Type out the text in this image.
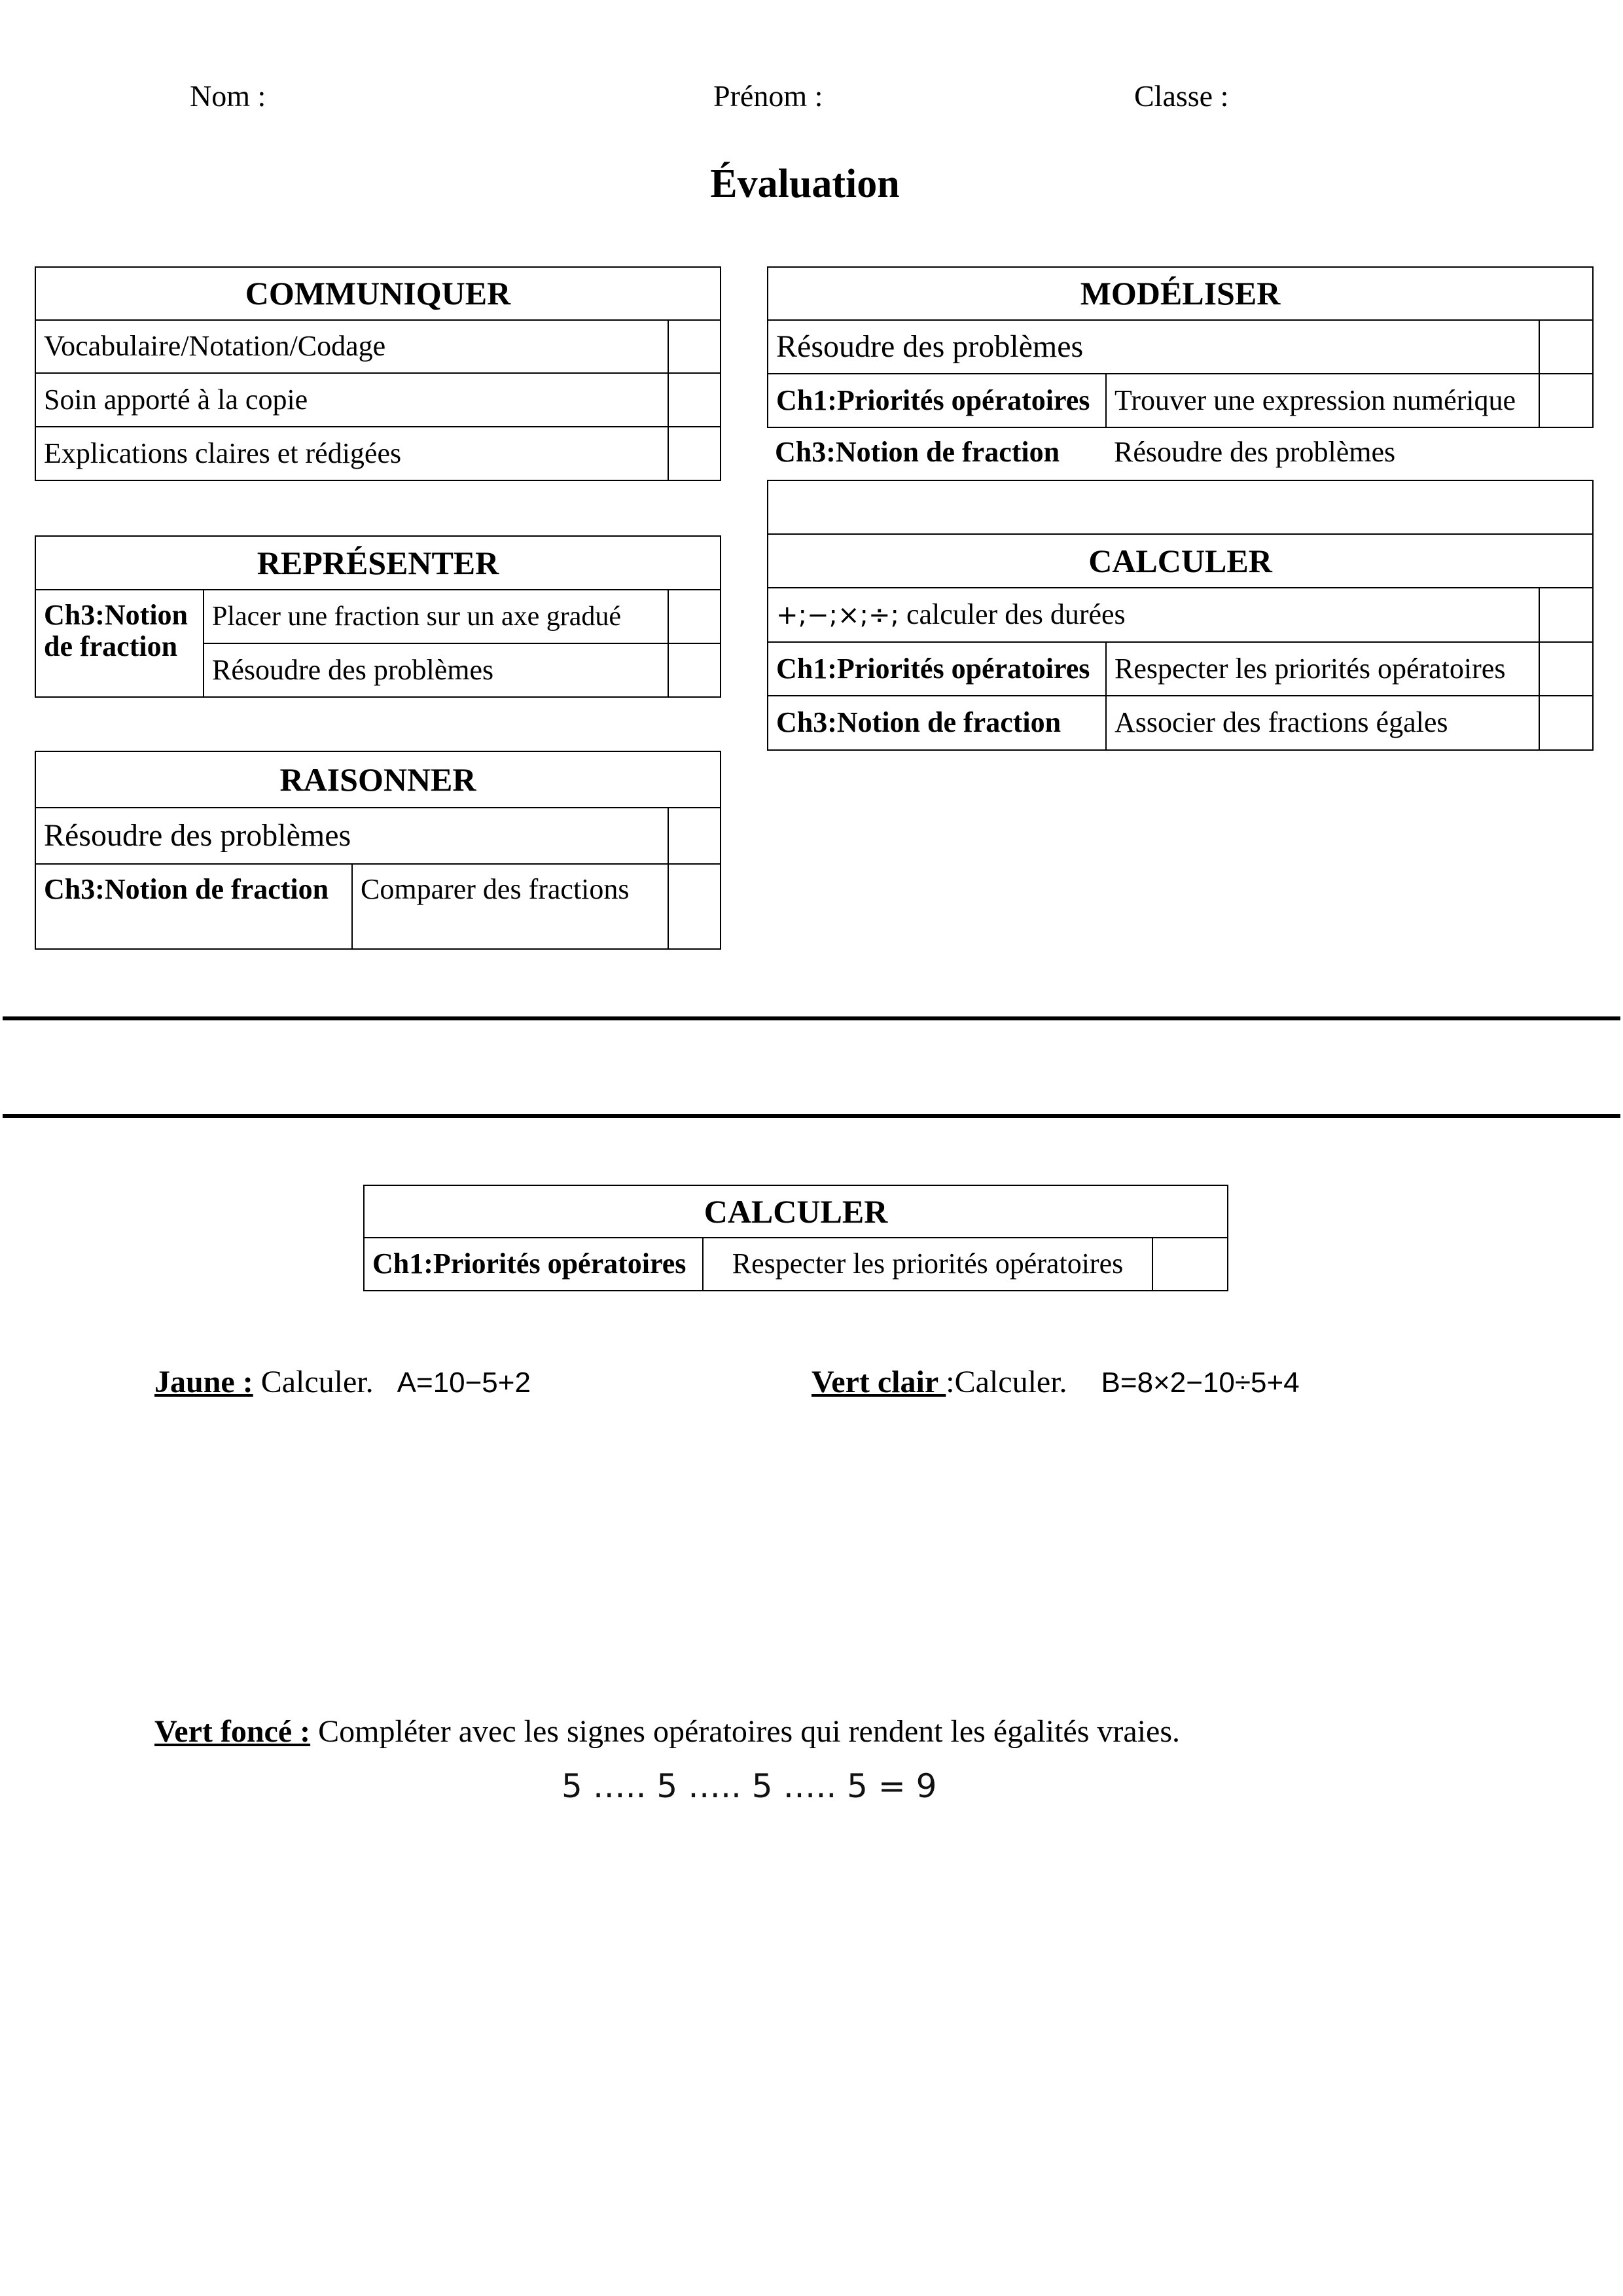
Nom :	Prénom :	Classe :
Évaluation
COMMUNIQUER	
Vocabulaire/Notation/Codage	
Soin apporté à la copie	
Explications claires et rédigées	
MODÉLISER		
Résoudre des problèmes		
Ch1:Priorités opératoires	Trouver une expression numérique	
Ch3:Notion de fraction Résoudre des problèmes

CALCULER		
+;−;×;÷; calculer des durées		
Ch1:Priorités opératoires	Respecter les priorités opératoires	
Ch3:Notion de fraction	Associer des fractions égales	
REPRÉSENTER		
Ch3:Notion de fraction	Placer une fraction sur un axe gradué	
	Résoudre des problèmes	
RAISONNER		
Résoudre des problèmes		
Ch3:Notion de fraction	Comparer des fractions	
CALCULER
Ch1:Priorités opératoires	Respecter les priorités opératoires	
Jaune : Calculer. A=10−5+2	Vert clair :Calculer. B=8×2−10÷5+4
Vert foncé : Compléter avec les signes opératoires qui rendent les égalités vraies.
5 ….. 5 ….. 5 ….. 5 = 9
